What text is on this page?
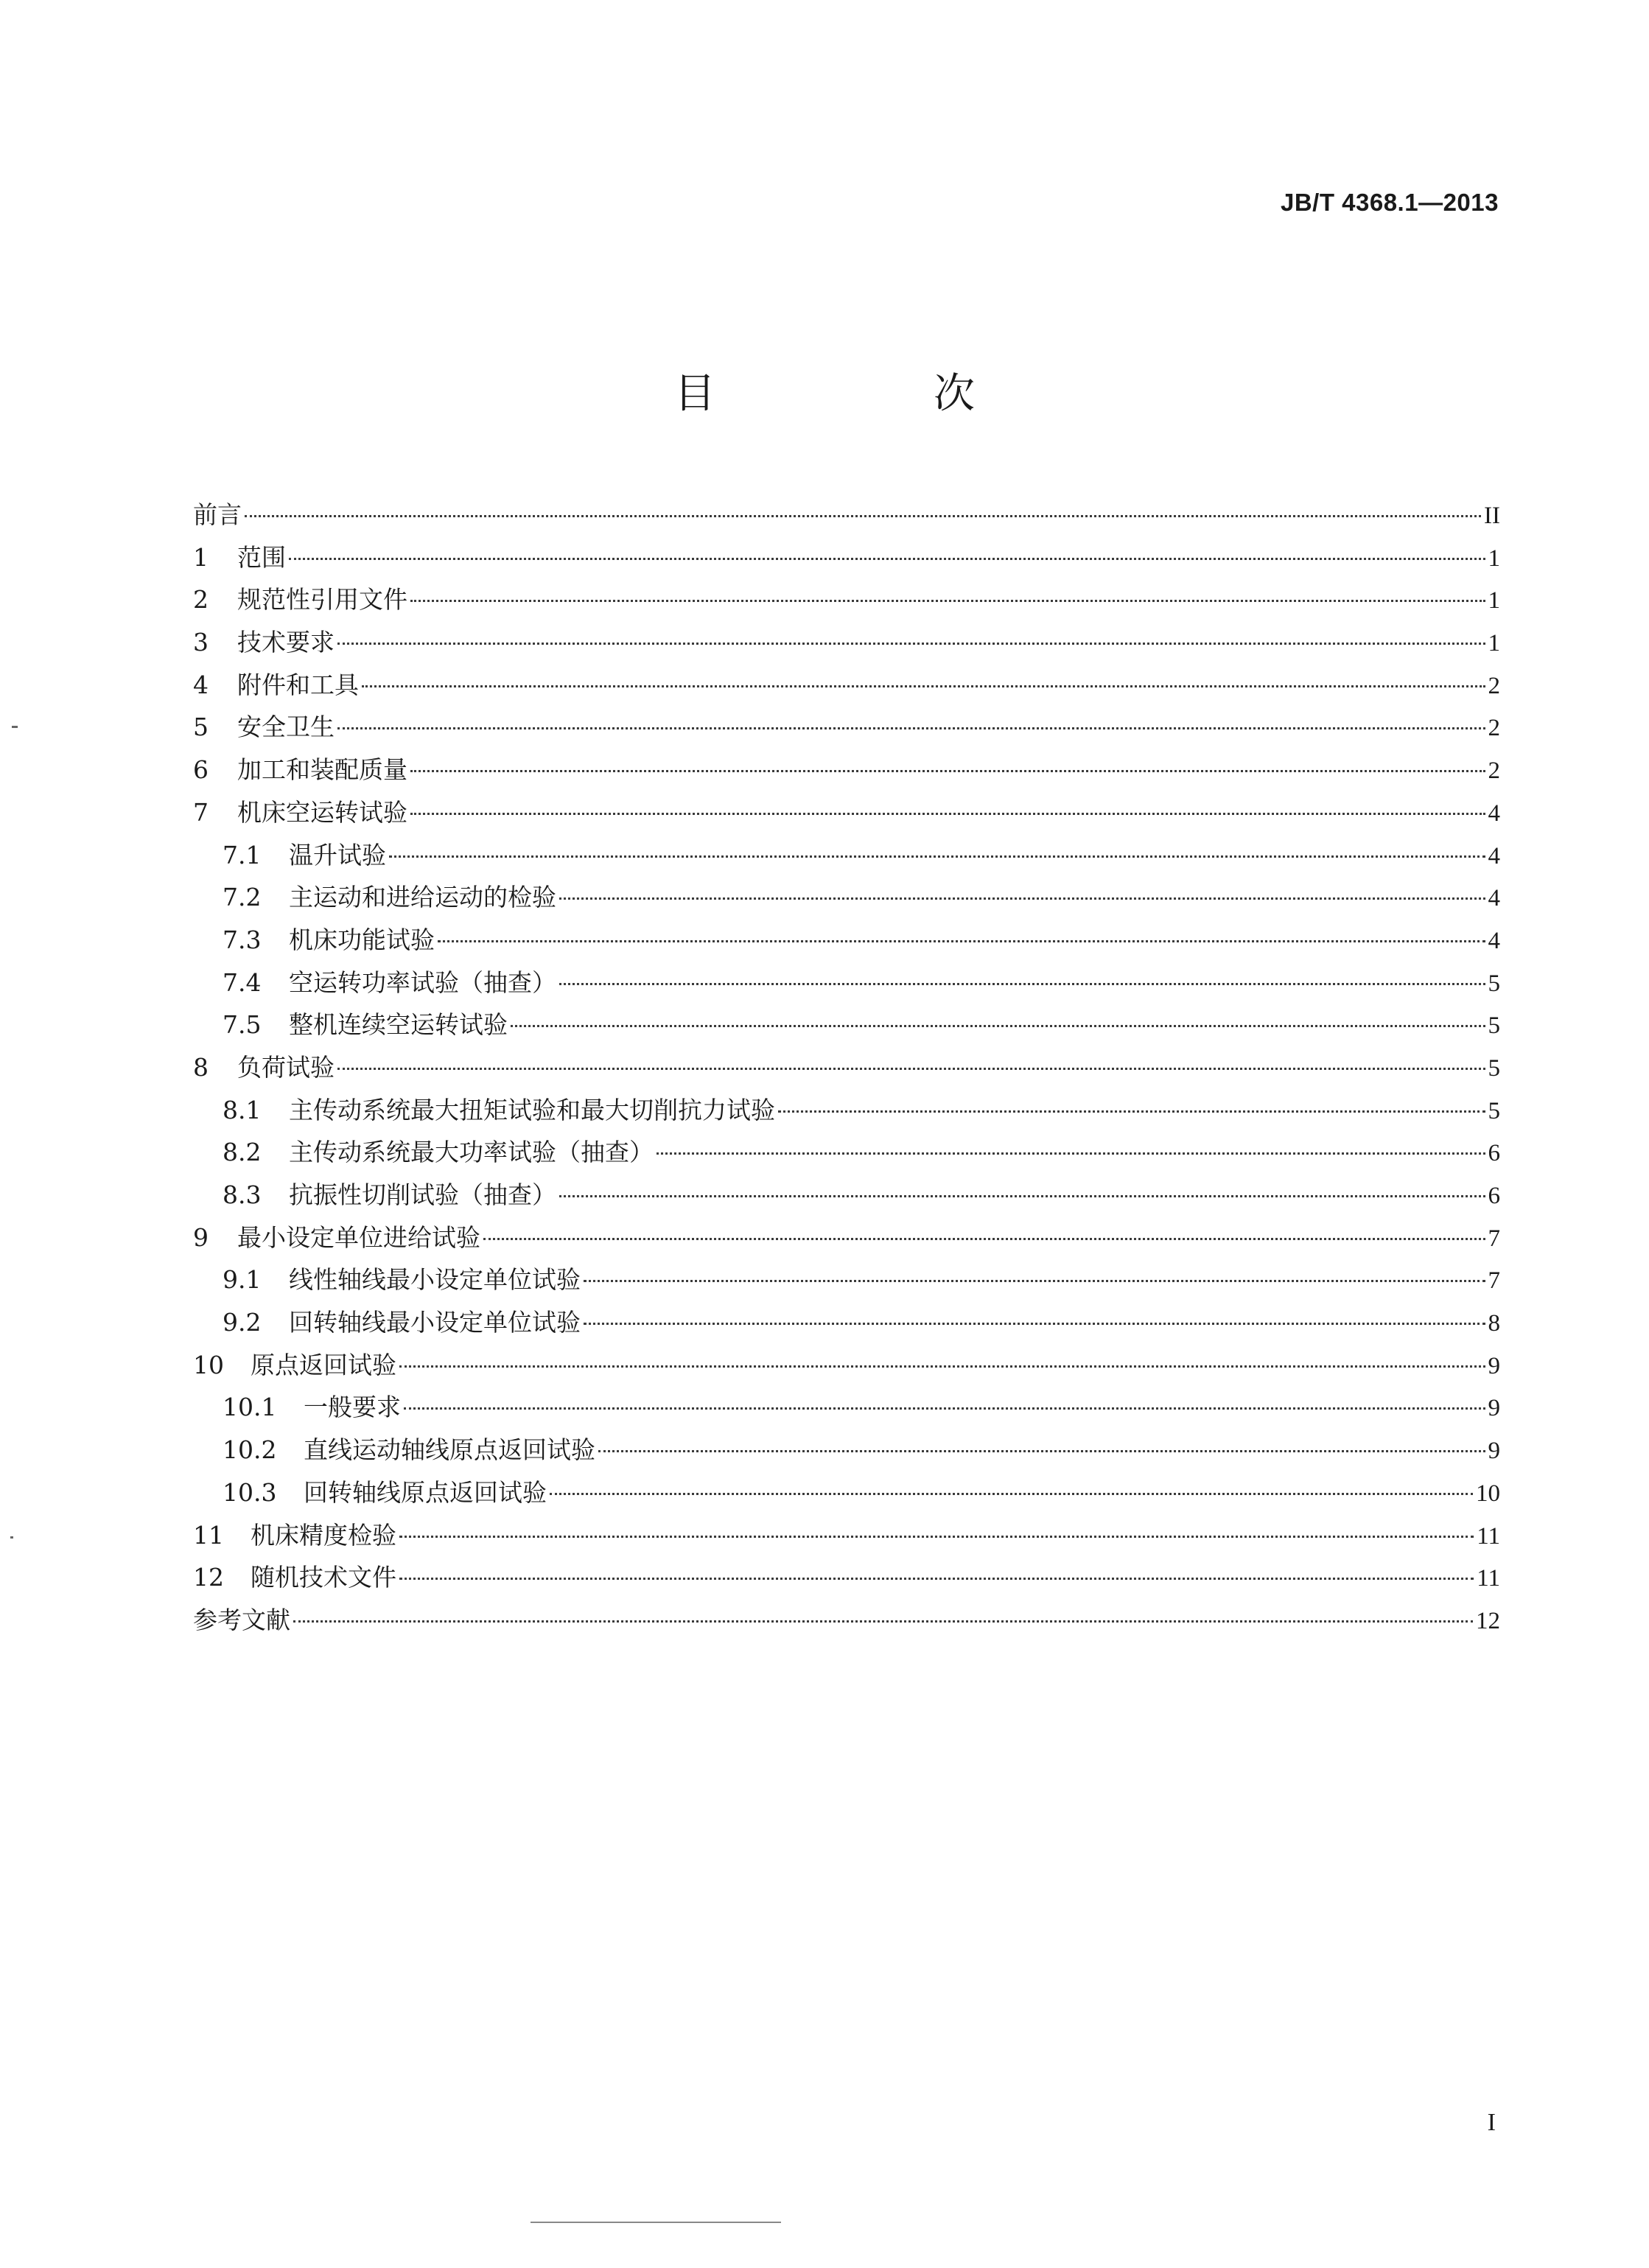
JB/T 4368.1—2013
目　次
前言	II
1	范围	1
2	规范性引用文件	1
3	技术要求	1
4	附件和工具	2
5	安全卫生	2
6	加工和装配质量	2
7	机床空运转试验	4
7.1	温升试验	4
7.2	主运动和进给运动的检验	4
7.3	机床功能试验	4
7.4	空运转功率试验（抽查）	5
7.5	整机连续空运转试验	5
8	负荷试验	5
8.1	主传动系统最大扭矩试验和最大切削抗力试验	5
8.2	主传动系统最大功率试验（抽查）	6
8.3	抗振性切削试验（抽查）	6
9	最小设定单位进给试验	7
9.1	线性轴线最小设定单位试验	7
9.2	回转轴线最小设定单位试验	8
10	原点返回试验	9
10.1	一般要求	9
10.2	直线运动轴线原点返回试验	9
10.3	回转轴线原点返回试验	10
11	机床精度检验	11
12	随机技术文件	11
参考文献	12
I
